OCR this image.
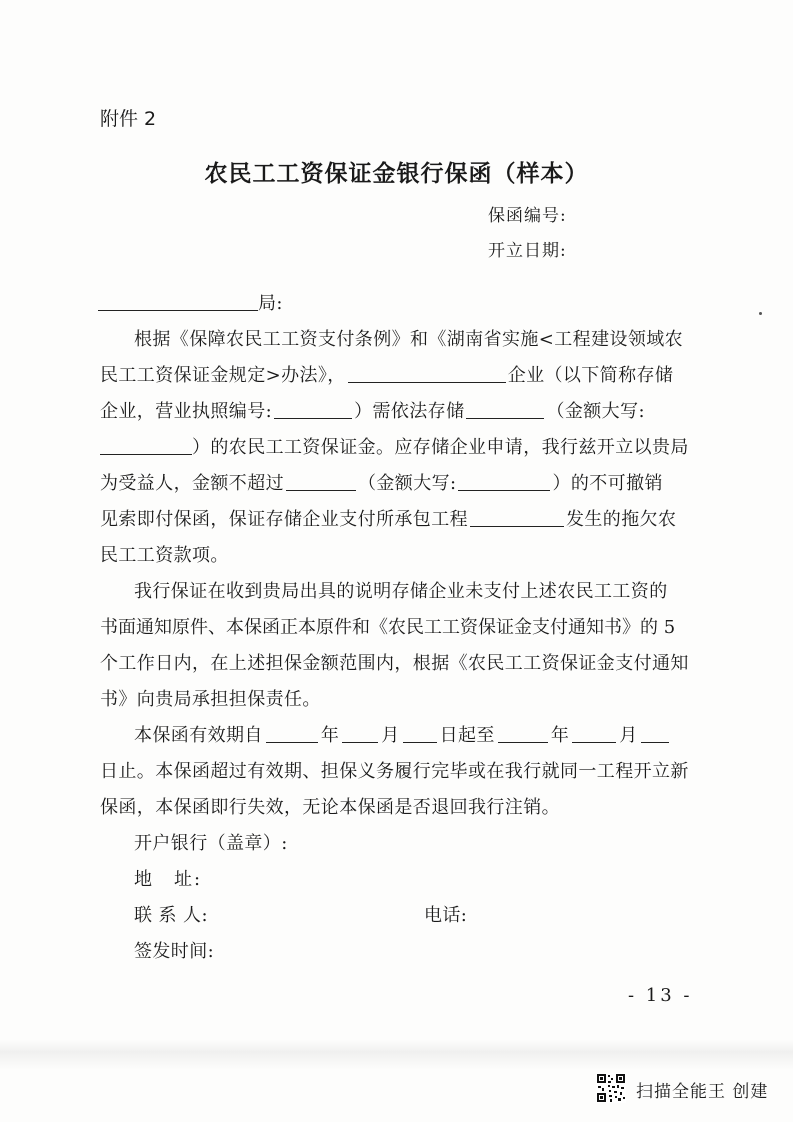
附件 2
农民工工资保证金银行保函（样本）
保函编号:
开立日期:
局:
根据《保障农民工工资支付条例》和《湖南省实施<工程建设领域农
民工工资保证金规定>办法》，	企业（以下简称存储
企业，营业执照编号:	）需依法存储	（金额大写:
）的农民工工资保证金。应存储企业申请，我行兹开立以贵局
为受益人，金额不超过	（金额大写:	）的不可撤销
见索即付保函，保证存储企业支付所承包工程	发生的拖欠农
民工工资款项。
我行保证在收到贵局出具的说明存储企业未支付上述农民工工资的
书面通知原件、本保函正本原件和《农民工工资保证金支付通知书》的 5
个工作日内，在上述担保金额范围内，根据《农民工工资保证金支付通知
书》向贵局承担担保责任。
本保函有效期自	年 月 日起至	年	月
日止。本保函超过有效期、担保义务履行完毕或在我行就同一工程开立新
保函，本保函即行失效，无论本保函是否退回我行注销。
开户银行（盖章）:
地　址:
联 系 人:	电话:
签发时间:
- 13 -
扫描全能王 创建
